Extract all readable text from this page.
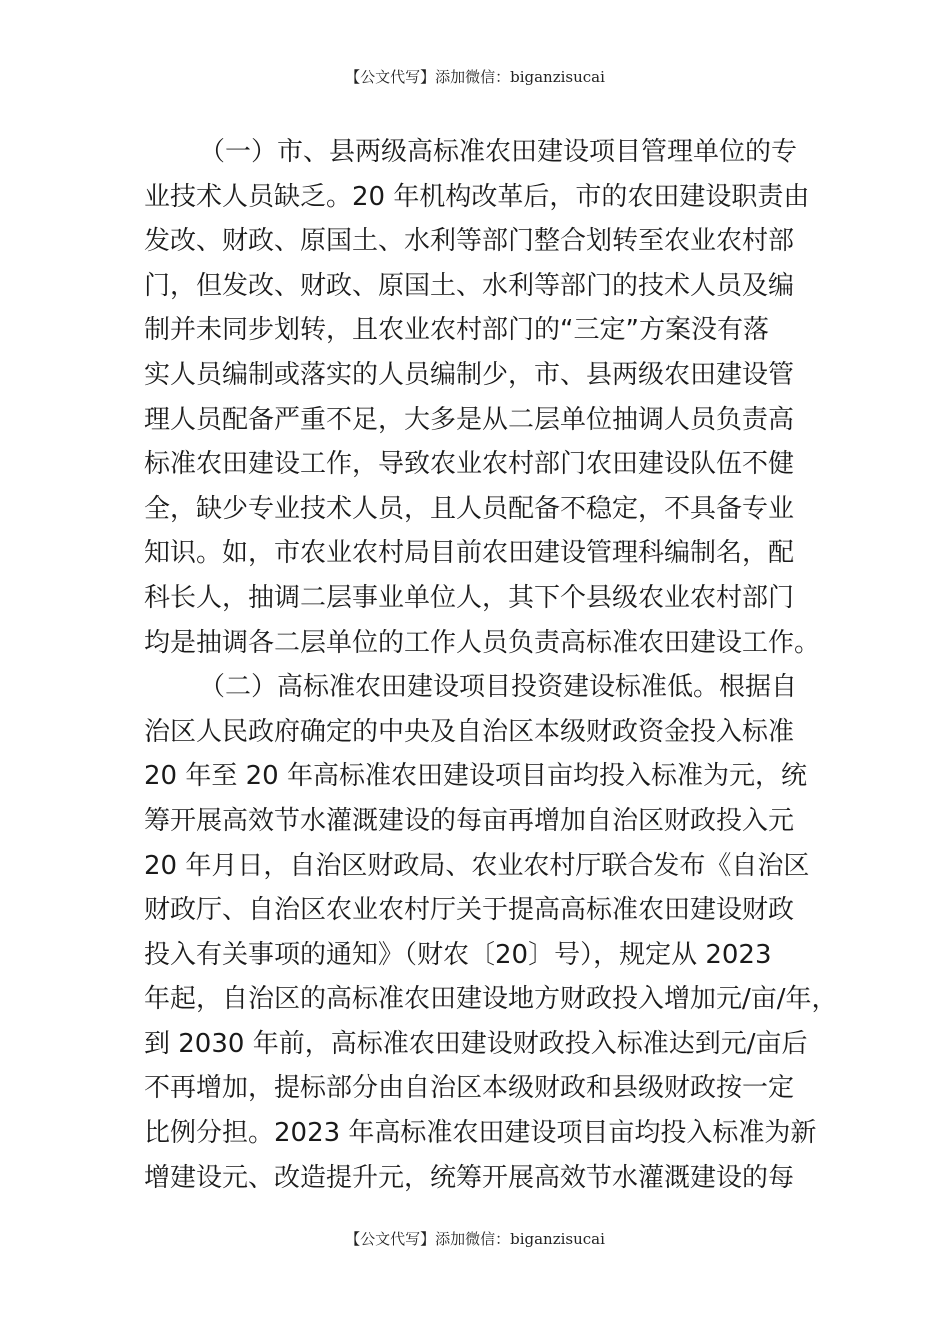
【公文代写】添加微信：biganzisucai
（一）市、县两级高标准农田建设项目管理单位的专
业技术人员缺乏。20 年机构改革后，市的农田建设职责由
发改、财政、原国土、水利等部门整合划转至农业农村部
门，但发改、财政、原国土、水利等部门的技术人员及编
制并未同步划转，且农业农村部门的“三定”方案没有落
实人员编制或落实的人员编制少，市、县两级农田建设管
理人员配备严重不足，大多是从二层单位抽调人员负责高
标准农田建设工作，导致农业农村部门农田建设队伍不健
全，缺少专业技术人员，且人员配备不稳定，不具备专业
知识。如，市农业农村局目前农田建设管理科编制名，配
科长人，抽调二层事业单位人，其下个县级农业农村部门
均是抽调各二层单位的工作人员负责高标准农田建设工作。
（二）高标准农田建设项目投资建设标准低。根据自
治区人民政府确定的中央及自治区本级财政资金投入标准
20 年至 20 年高标准农田建设项目亩均投入标准为元，统
筹开展高效节水灌溉建设的每亩再增加自治区财政投入元
20 年月日，自治区财政局、农业农村厅联合发布《自治区
财政厅、自治区农业农村厅关于提高高标准农田建设财政
投入有关事项的通知》（财农〔20〕号），规定从 2023
年起，自治区的高标准农田建设地方财政投入增加元/亩/年，
到 2030 年前，高标准农田建设财政投入标准达到元/亩后
不再增加，提标部分由自治区本级财政和县级财政按一定
比例分担。2023 年高标准农田建设项目亩均投入标准为新
增建设元、改造提升元，统筹开展高效节水灌溉建设的每
【公文代写】添加微信：biganzisucai
